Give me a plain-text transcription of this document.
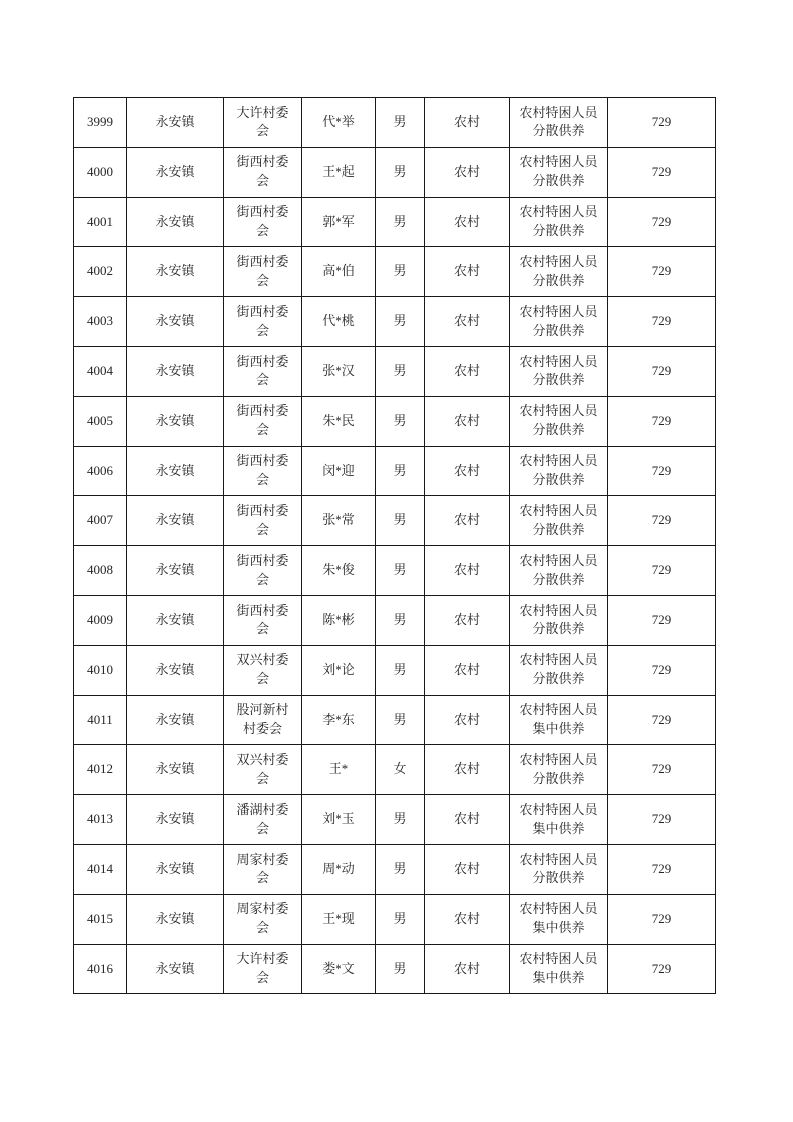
3999	永安镇	大许村委会	代*举	男	农村	农村特困人员分散供养	729
4000	永安镇	街西村委会	王*起	男	农村	农村特困人员分散供养	729
4001	永安镇	街西村委会	郭*军	男	农村	农村特困人员分散供养	729
4002	永安镇	街西村委会	高*伯	男	农村	农村特困人员分散供养	729
4003	永安镇	街西村委会	代*桃	男	农村	农村特困人员分散供养	729
4004	永安镇	街西村委会	张*汉	男	农村	农村特困人员分散供养	729
4005	永安镇	街西村委会	朱*民	男	农村	农村特困人员分散供养	729
4006	永安镇	街西村委会	闵*迎	男	农村	农村特困人员分散供养	729
4007	永安镇	街西村委会	张*常	男	农村	农村特困人员分散供养	729
4008	永安镇	街西村委会	朱*俊	男	农村	农村特困人员分散供养	729
4009	永安镇	街西村委会	陈*彬	男	农村	农村特困人员分散供养	729
4010	永安镇	双兴村委会	刘*论	男	农村	农村特困人员分散供养	729
4011	永安镇	股河新村村委会	李*东	男	农村	农村特困人员集中供养	729
4012	永安镇	双兴村委会	王*	女	农村	农村特困人员分散供养	729
4013	永安镇	潘湖村委会	刘*玉	男	农村	农村特困人员集中供养	729
4014	永安镇	周家村委会	周*动	男	农村	农村特困人员分散供养	729
4015	永安镇	周家村委会	王*现	男	农村	农村特困人员集中供养	729
4016	永安镇	大许村委会	娄*文	男	农村	农村特困人员集中供养	729
